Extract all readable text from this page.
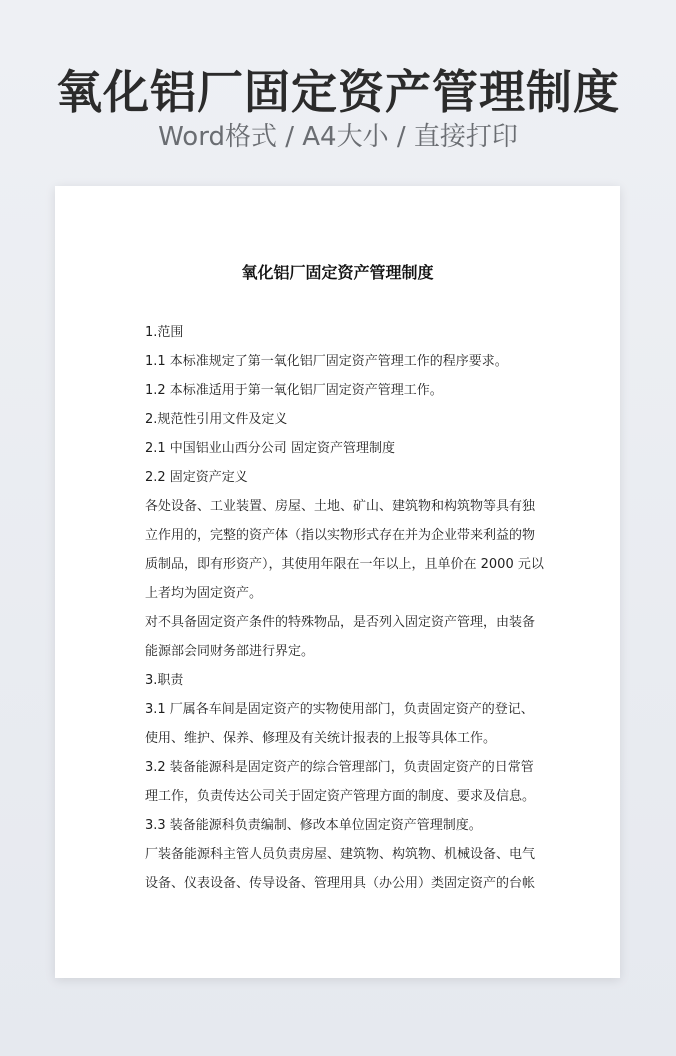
氧化铝厂固定资产管理制度
Word格式 / A4大小 / 直接打印
氧化铝厂固定资产管理制度
1.范围
1.1 本标准规定了第一氧化铝厂固定资产管理工作的程序要求。
1.2 本标准适用于第一氧化铝厂固定资产管理工作。
2.规范性引用文件及定义
2.1 中国铝业山西分公司 固定资产管理制度
2.2 固定资产定义
各处设备、工业装置、房屋、土地、矿山、建筑物和构筑物等具有独
立作用的，完整的资产体（指以实物形式存在并为企业带来利益的物
质制品，即有形资产），其使用年限在一年以上，且单价在 2000 元以
上者均为固定资产。
对不具备固定资产条件的特殊物品，是否列入固定资产管理，由装备
能源部会同财务部进行界定。
3.职责
3.1 厂属各车间是固定资产的实物使用部门，负责固定资产的登记、
使用、维护、保养、修理及有关统计报表的上报等具体工作。
3.2 装备能源科是固定资产的综合管理部门，负责固定资产的日常管
理工作，负责传达公司关于固定资产管理方面的制度、要求及信息。
3.3 装备能源科负责编制、修改本单位固定资产管理制度。
厂装备能源科主管人员负责房屋、建筑物、构筑物、机械设备、电气
设备、仪表设备、传导设备、管理用具（办公用）类固定资产的台帐
